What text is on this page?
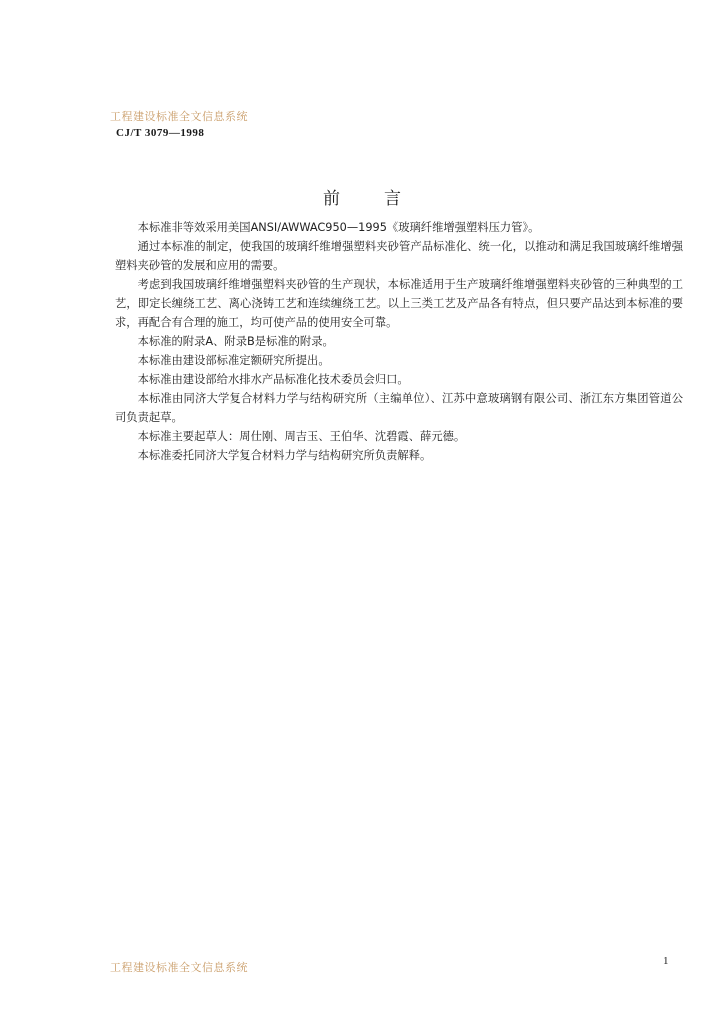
工程建设标准全文信息系统
CJ/T 3079—1998
前言

本标准非等效采用美国ANSI/AWWAC950—1995《玻璃纤维增强塑料压力管》。

通过本标准的制定，使我国的玻璃纤维增强塑料夹砂管产品标准化、统一化，以推动和满足我国玻璃纤维增强塑料夹砂管的发展和应用的需要。

考虑到我国玻璃纤维增强塑料夹砂管的生产现状，本标准适用于生产玻璃纤维增强塑料夹砂管的三种典型的工艺，即定长缠绕工艺、离心浇铸工艺和连续缠绕工艺。以上三类工艺及产品各有特点，但只要产品达到本标准的要求，再配合有合理的施工，均可使产品的使用安全可靠。

本标准的附录A、附录B是标准的附录。

本标准由建设部标准定额研究所提出。

本标准由建设部给水排水产品标准化技术委员会归口。

本标准由同济大学复合材料力学与结构研究所（主编单位）、江苏中意玻璃钢有限公司、浙江东方集团管道公司负责起草。

本标准主要起草人：周仕刚、周吉玉、王伯华、沈碧霞、薛元德。

本标准委托同济大学复合材料力学与结构研究所负责解释。

工程建设标准全文信息系统	1
